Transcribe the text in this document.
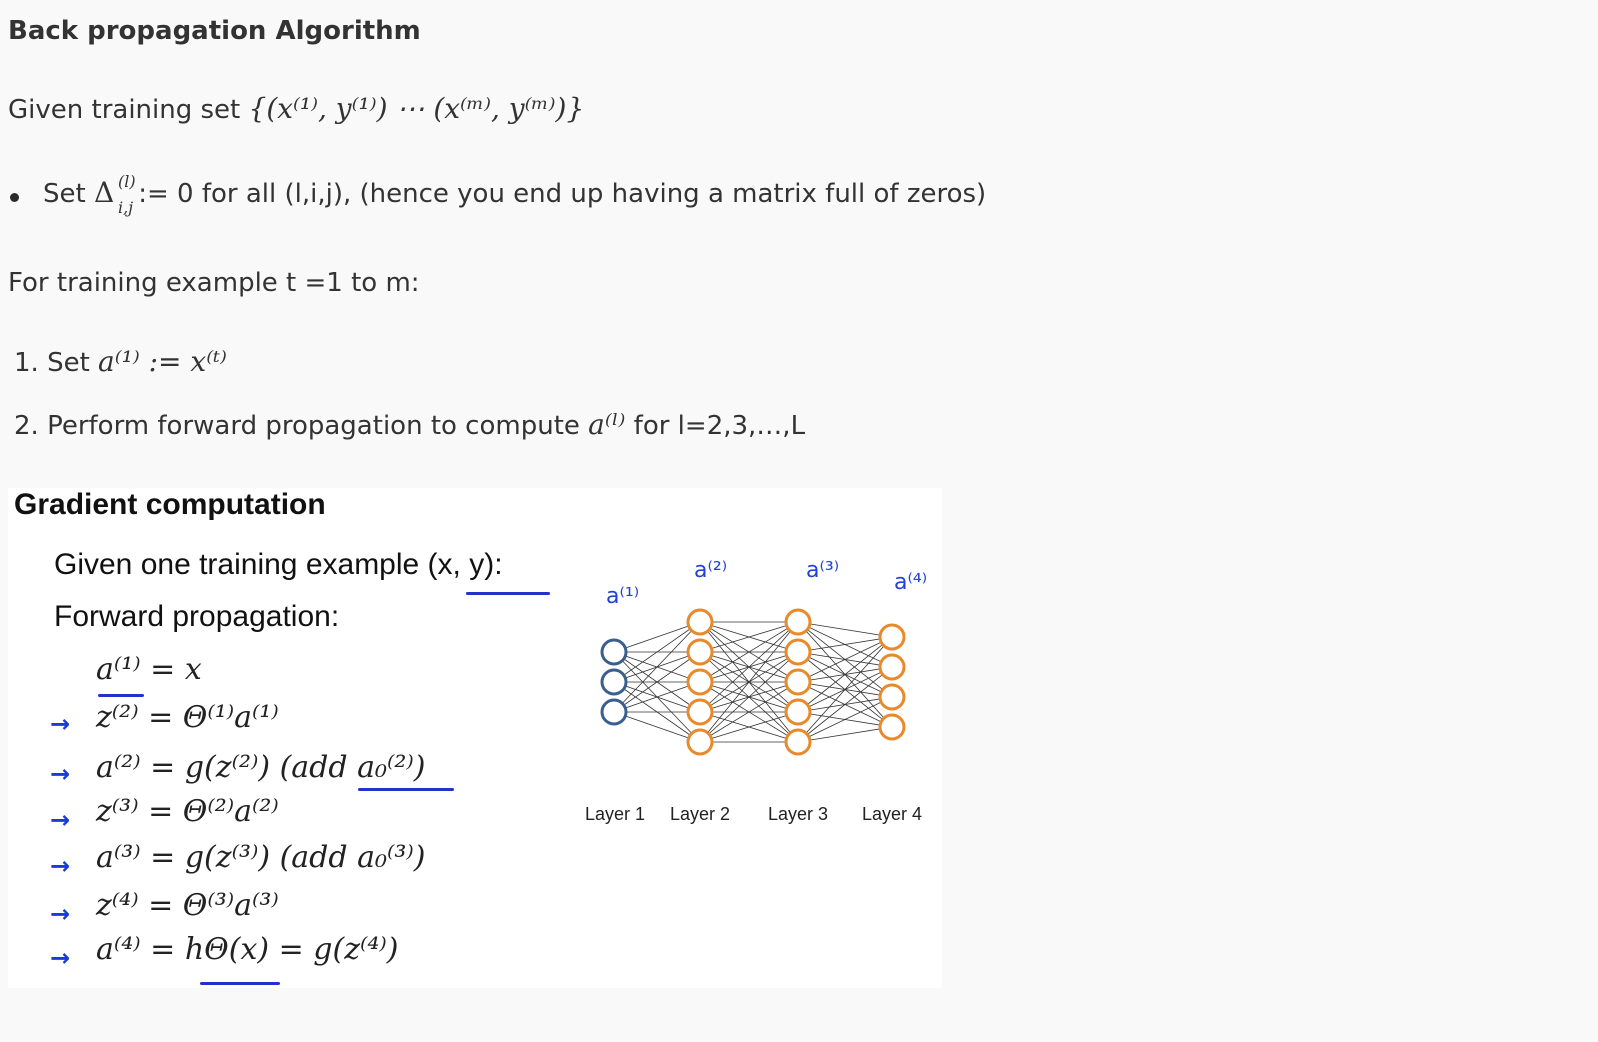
Back propagation Algorithm
Given training set {(x⁽¹⁾, y⁽¹⁾) ⋯ (x⁽ᵐ⁾, y⁽ᵐ⁾)}
Set Δ (l)
i,j := 0 for all (l,i,j), (hence you end up having a matrix full of zeros)
For training example t =1 to m:
1. Set a⁽¹⁾ := x⁽ᵗ⁾
2. Perform forward propagation to compute a⁽ˡ⁾ for l=2,3,…,L
Gradient computation
Given one training example (x, y):
Forward propagation:
a⁽¹⁾ = x
→ z⁽²⁾ = Θ⁽¹⁾a⁽¹⁾
→ a⁽²⁾ = g(z⁽²⁾) (add a₀⁽²⁾)
→ z⁽³⁾ = Θ⁽²⁾a⁽²⁾
→ a⁽³⁾ = g(z⁽³⁾) (add a₀⁽³⁾)
→ z⁽⁴⁾ = Θ⁽³⁾a⁽³⁾
→ a⁽⁴⁾ = hΘ(x) = g(z⁽⁴⁾)
a⁽¹⁾
a⁽²⁾	a⁽³⁾ a⁽⁴⁾
Layer 1 Layer 2 Layer 3 Layer 4
